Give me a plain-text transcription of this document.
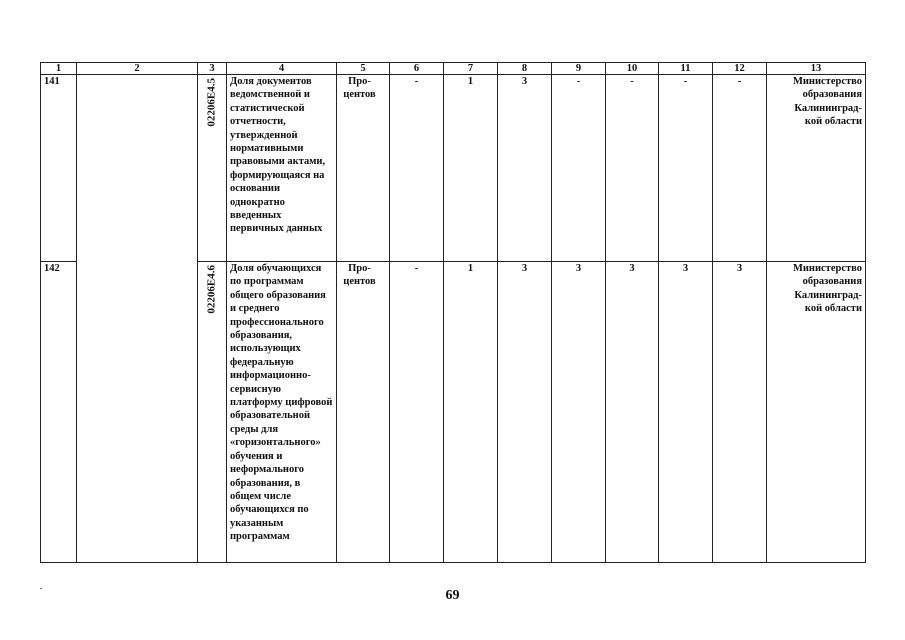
1	2	3	4	5	6	7	8	9	10	11	12	13
141		02206Е4.5	Доля документов ведомственной и статистической отчетности, утвержденной нормативными правовыми актами, формирующаяся на основании однократно введенных первичных данных	Про-центов	-	1	3	-	-	-	-	Министерство образования Калининград-кой области
142		02206Е4.6	Доля обучающихся по программам общего образования и среднего профессионального образования, использующих федеральную информационно-сервисную платформу цифровой образовательной среды для «горизонтального» обучения и неформального образования, в общем числе обучающихся по указанным программам	Про-центов	-	1	3	3	3	3	3	Министерство образования Калининград-кой области
69
